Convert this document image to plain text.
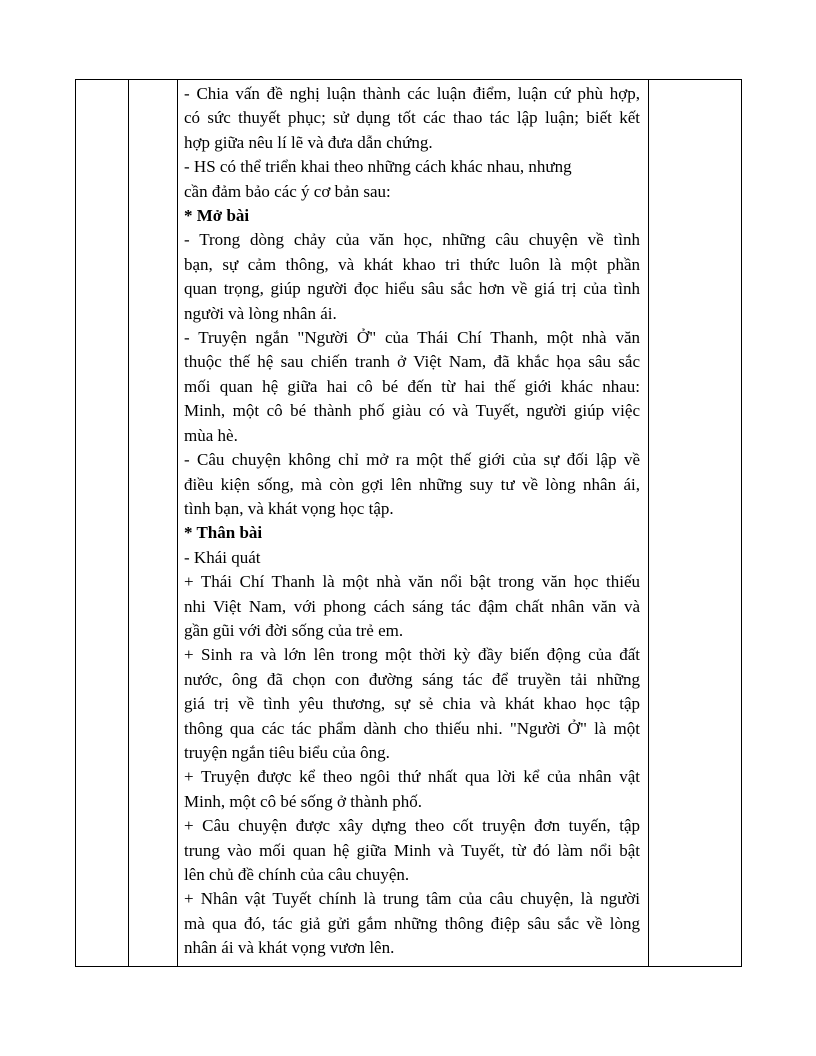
- Chia vấn đề nghị luận thành các luận điểm, luận cứ phù hợp,
có sức thuyết phục; sử dụng tốt các thao tác lập luận; biết kết
hợp giữa nêu lí lẽ và đưa dẫn chứng.
- HS có thể triển khai theo những cách khác nhau, nhưng
cần đảm bảo các ý cơ bản sau:
* Mở bài
- Trong dòng chảy của văn học, những câu chuyện về tình
bạn, sự cảm thông, và khát khao tri thức luôn là một phần
quan trọng, giúp người đọc hiểu sâu sắc hơn về giá trị của tình
người và lòng nhân ái.
- Truyện ngắn "Người Ở" của Thái Chí Thanh, một nhà văn
thuộc thế hệ sau chiến tranh ở Việt Nam, đã khắc họa sâu sắc
mối quan hệ giữa hai cô bé đến từ hai thế giới khác nhau:
Minh, một cô bé thành phố giàu có và Tuyết, người giúp việc
mùa hè.
- Câu chuyện không chỉ mở ra một thế giới của sự đối lập về
điều kiện sống, mà còn gợi lên những suy tư về lòng nhân ái,
tình bạn, và khát vọng học tập.
* Thân bài
- Khái quát
+ Thái Chí Thanh là một nhà văn nổi bật trong văn học thiếu
nhi Việt Nam, với phong cách sáng tác đậm chất nhân văn và
gần gũi với đời sống của trẻ em.
+ Sinh ra và lớn lên trong một thời kỳ đầy biến động của đất
nước, ông đã chọn con đường sáng tác để truyền tải những
giá trị về tình yêu thương, sự sẻ chia và khát khao học tập
thông qua các tác phẩm dành cho thiếu nhi. "Người Ở" là một
truyện ngắn tiêu biểu của ông.
+ Truyện được kể theo ngôi thứ nhất qua lời kể của nhân vật
Minh, một cô bé sống ở thành phố.
+ Câu chuyện được xây dựng theo cốt truyện đơn tuyến, tập
trung vào mối quan hệ giữa Minh và Tuyết, từ đó làm nổi bật
lên chủ đề chính của câu chuyện.
+ Nhân vật Tuyết chính là trung tâm của câu chuyện, là người
mà qua đó, tác giả gửi gắm những thông điệp sâu sắc về lòng
nhân ái và khát vọng vươn lên.
